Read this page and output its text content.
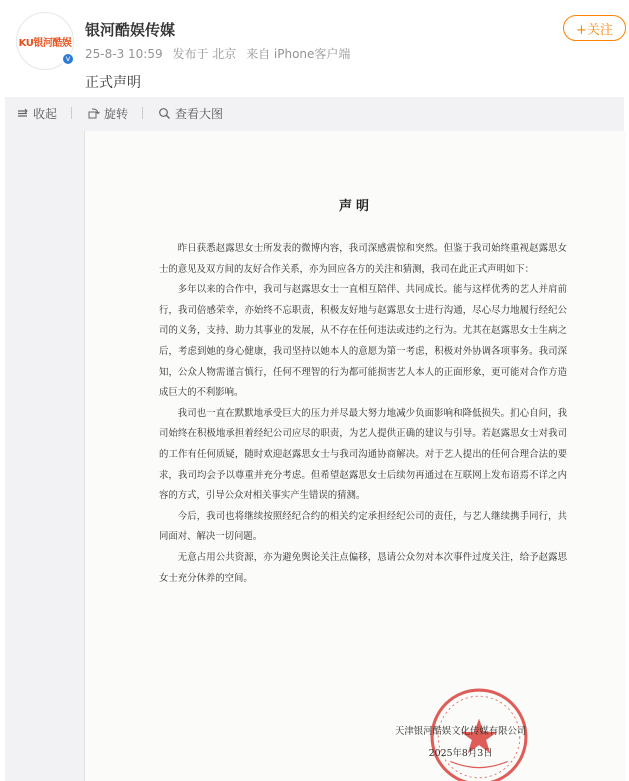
KU银河酷娱
v
银河酷娱传媒
25-8-3 10:59 发布于 北京 来自 iPhone客户端
正式声明
+关注
收起	旋转	查看大图
声明

昨日获悉赵露思女士所发表的微博内容，我司深感震惊和突然。但鉴于我司始终重视赵露思女士的意见及双方间的友好合作关系，亦为回应各方的关注和猜测，我司在此正式声明如下：

多年以来的合作中，我司与赵露思女士一直相互陪伴、共同成长。能与这样优秀的艺人并肩前行，我司倍感荣幸，亦始终不忘职责，积极友好地与赵露思女士进行沟通，尽心尽力地履行经纪公司的义务，支持、助力其事业的发展，从不存在任何违法或违约之行为。尤其在赵露思女士生病之后，考虑到她的身心健康，我司坚持以她本人的意愿为第一考虑，积极对外协调各项事务。我司深知，公众人物需谨言慎行，任何不理智的行为都可能损害艺人本人的正面形象，更可能对合作方造成巨大的不利影响。

我司也一直在默默地承受巨大的压力并尽最大努力地减少负面影响和降低损失。扪心自问，我司始终在积极地承担着经纪公司应尽的职责，为艺人提供正确的建议与引导。若赵露思女士对我司的工作有任何质疑，随时欢迎赵露思女士与我司沟通协商解决。对于艺人提出的任何合理合法的要求，我司均会予以尊重并充分考虑。但希望赵露思女士后续勿再通过在互联网上发布语焉不详之内容的方式，引导公众对相关事实产生错误的猜测。

今后，我司也将继续按照经纪合约的相关约定承担经纪公司的责任，与艺人继续携手同行，共同面对、解决一切问题。

无意占用公共资源，亦为避免舆论关注点偏移，恳请公众勿对本次事件过度关注，给予赵露思女士充分休养的空间。

天津银河酷娱文化传媒有限公司
2025年8月3日
